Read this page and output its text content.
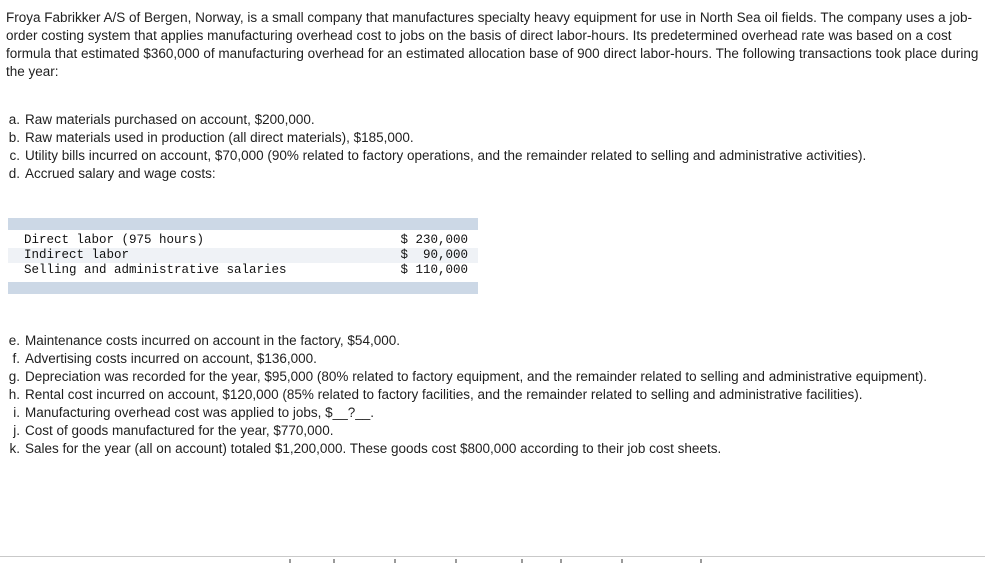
Froya Fabrikker A/S of Bergen, Norway, is a small company that manufactures specialty heavy equipment for use in North Sea oil fields. The company uses a job-order costing system that applies manufacturing overhead cost to jobs on the basis of direct labor-hours. Its predetermined overhead rate was based on a cost formula that estimated $360,000 of manufacturing overhead for an estimated allocation base of 900 direct labor-hours. The following transactions took place during the year:

a. Raw materials purchased on account, $200,000.
b. Raw materials used in production (all direct materials), $185,000.
c. Utility bills incurred on account, $70,000 (90% related to factory operations, and the remainder related to selling and administrative activities).
d. Accrued salary and wage costs:
Direct labor (975 hours)	$ 230,000
Indirect labor	$  90,000
Selling and administrative salaries	$ 110,000
e. Maintenance costs incurred on account in the factory, $54,000.
f. Advertising costs incurred on account, $136,000.
g. Depreciation was recorded for the year, $95,000 (80% related to factory equipment, and the remainder related to selling and administrative equipment).
h. Rental cost incurred on account, $120,000 (85% related to factory facilities, and the remainder related to selling and administrative facilities).
i. Manufacturing overhead cost was applied to jobs, $__?__.
j. Cost of goods manufactured for the year, $770,000.
k. Sales for the year (all on account) totaled $1,200,000. These goods cost $800,000 according to their job cost sheets.
